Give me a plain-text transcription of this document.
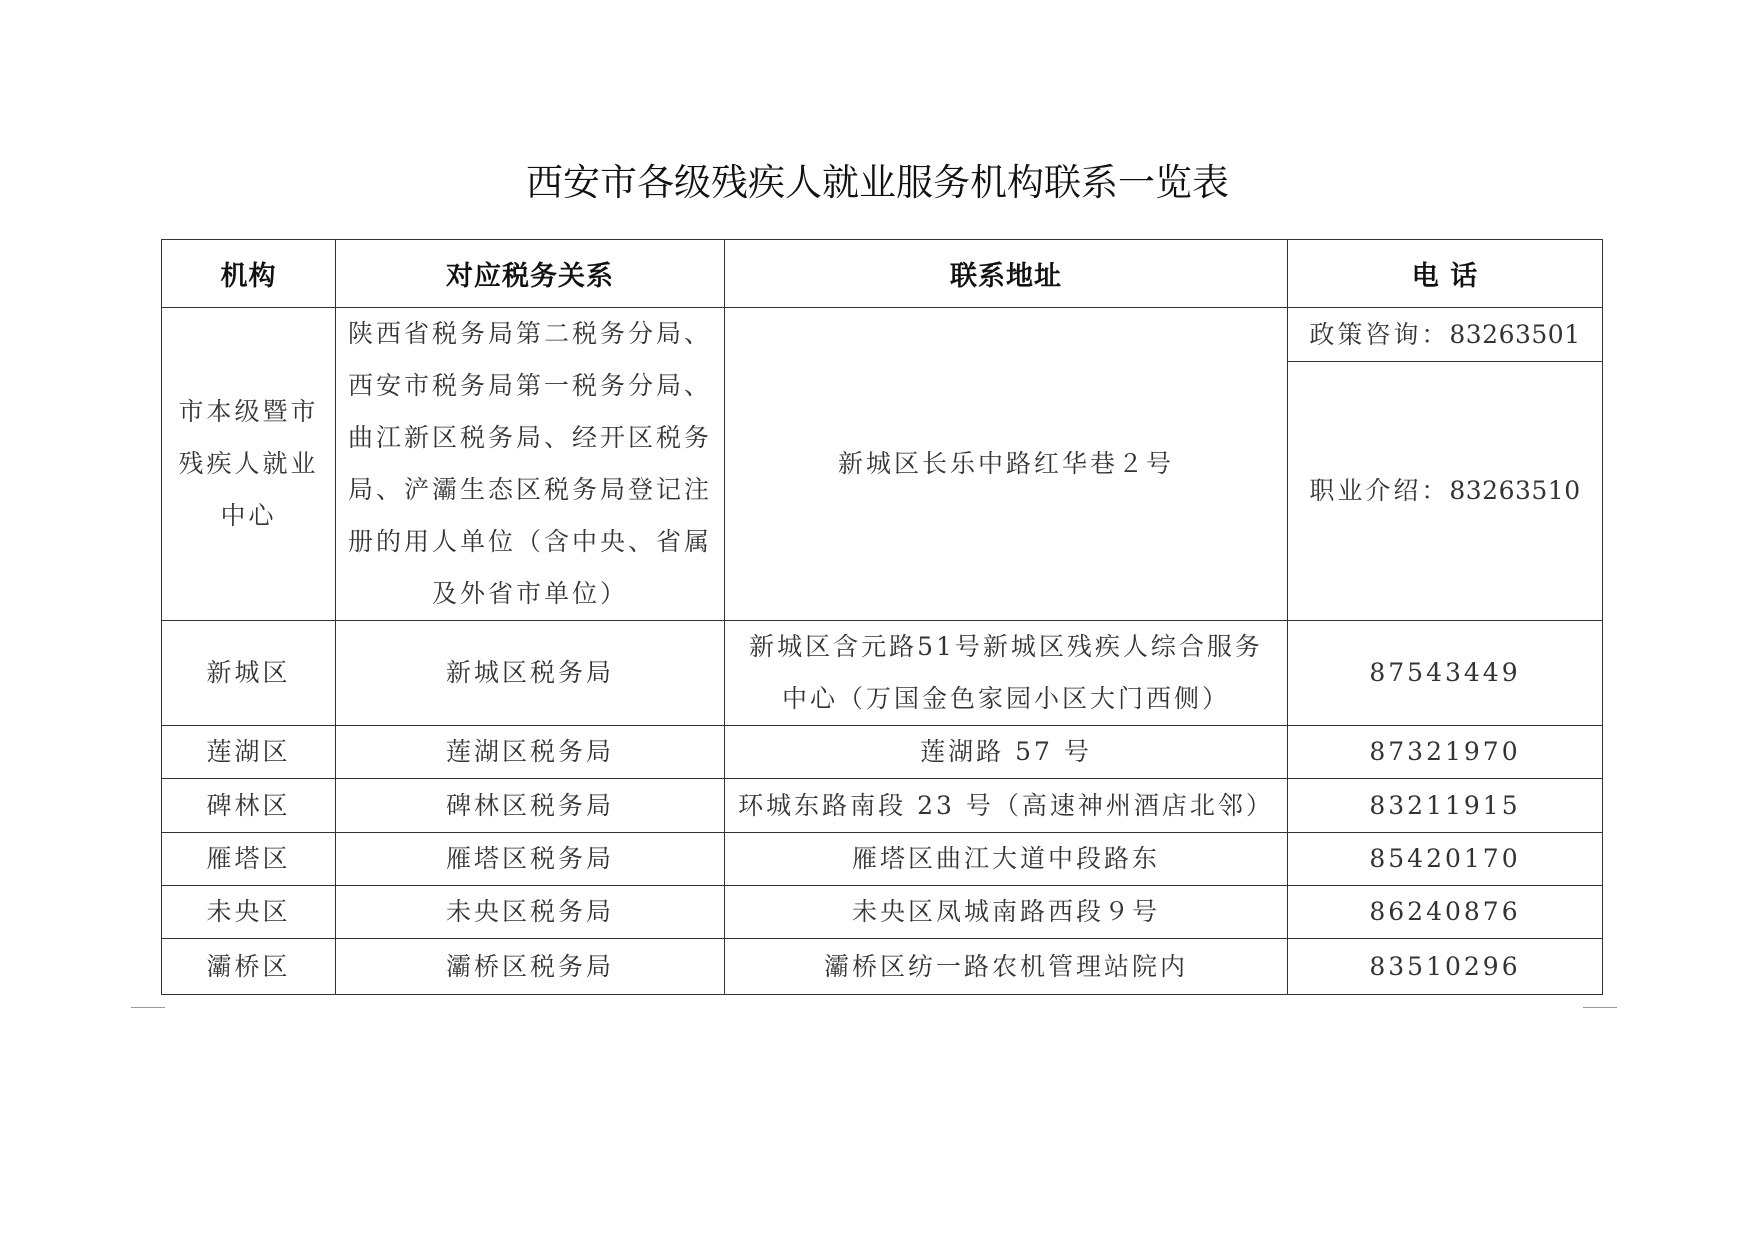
西安市各级残疾人就业服务机构联系一览表
机构	对应税务关系	联系地址	电 话
市本级暨市残疾人就业中心	陕西省税务局第二税务分局、西安市税务局第一税务分局、曲江新区税务局、经开区税务局、浐灞生态区税务局登记注册的用人单位（含中央、省属及外省市单位）	新城区长乐中路红华巷２号	政策咨询：83263501
			职业介绍：83263510
新城区	新城区税务局	新城区含元路51号新城区残疾人综合服务中心（万国金色家园小区大门西侧）	87543449
莲湖区	莲湖区税务局	莲湖路 57 号	87321970
碑林区	碑林区税务局	环城东路南段 23 号（高速神州酒店北邻）	83211915
雁塔区	雁塔区税务局	雁塔区曲江大道中段路东	85420170
未央区	未央区税务局	未央区凤城南路西段９号	86240876
灞桥区	灞桥区税务局	灞桥区纺一路农机管理站院内	83510296
